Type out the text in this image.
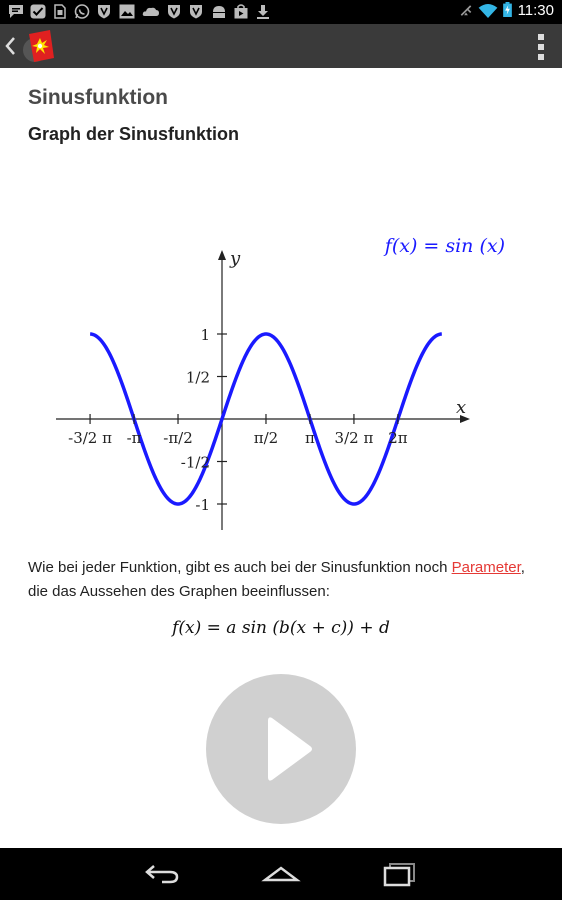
11:30
Sinusfunktion
Graph der Sinusfunktion
x
y
-3/2 π -π -π/2	π/2 π 3/2 π 2π
1
1/2
-1/2
-1
f(x) = sin (x)
Wie bei jeder Funktion, gibt es auch bei der Sinusfunktion noch Parameter, die das Aussehen des Graphen beeinflussen:
f(x) = a sin (b(x + c)) + d
